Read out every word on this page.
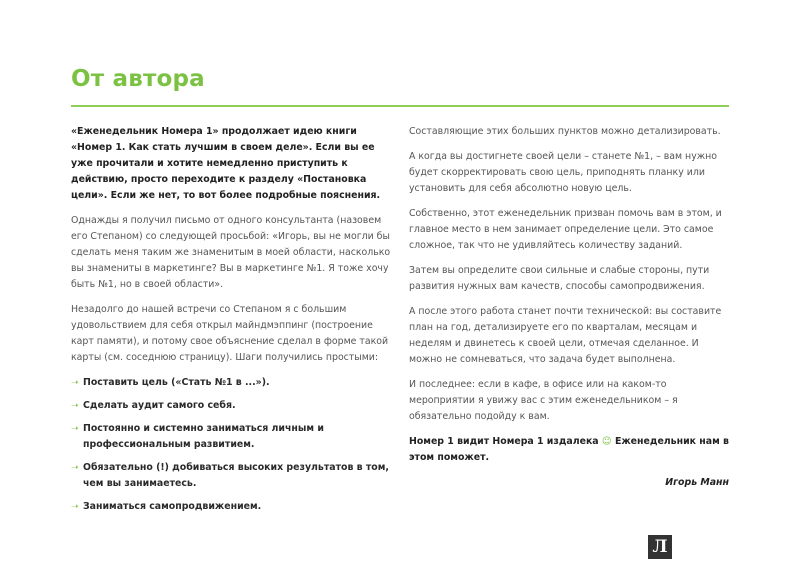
От автора

«Еженедельник Номера 1» продолжает идею книги «Номер 1. Как стать лучшим в своем деле». Если вы ее уже прочитали и хотите немедленно приступить к действию, просто переходите к разделу «Постановка цели». Если же нет, то вот более подробные пояснения.

Однажды я получил письмо от одного консультанта (назовем его Степаном) со следующей просьбой: «Игорь, вы не могли бы сделать меня таким же знаменитым в моей области, насколько вы знамениты в маркетинге? Вы в маркетинге №1. Я тоже хочу быть №1, но в своей области».

Незадолго до нашей встречи со Степаном я с большим удовольствием для себя открыл майндмэппинг (построение карт памяти), и потому свое объяснение сделал в форме такой карты (см. соседнюю страницу). Шаги получились простыми:

➝ Поставить цель («Стать №1 в ...»).
➝ Сделать аудит самого себя.
➝ Постоянно и системно заниматься личным и профессиональным развитием.
➝ Обязательно (!) добиваться высоких результатов в том, чем вы занимаетесь.
➝ Заниматься самопродвижением.

Составляющие этих больших пунктов можно детализировать.

А когда вы достигнете своей цели – станете №1, – вам нужно будет скорректировать свою цель, приподнять планку или установить для себя абсолютно новую цель.

Собственно, этот еженедельник призван помочь вам в этом, и главное место в нем занимает определение цели. Это самое сложное, так что не удивляйтесь количеству заданий.

Затем вы определите свои сильные и слабые стороны, пути развития нужных вам качеств, способы самопродвижения.

А после этого работа станет почти технической: вы составите план на год, детализируете его по кварталам, месяцам и неделям и двинетесь к своей цели, отмечая сделанное. И можно не сомневаться, что задача будет выполнена.

И последнее: если в кафе, в офисе или на каком-то мероприятии я увижу вас с этим еженедельником – я обязательно подойду к вам.

Номер 1 видит Номера 1 издалека ☺ Еженедельник нам в этом поможет.

Игорь Манн
Л
